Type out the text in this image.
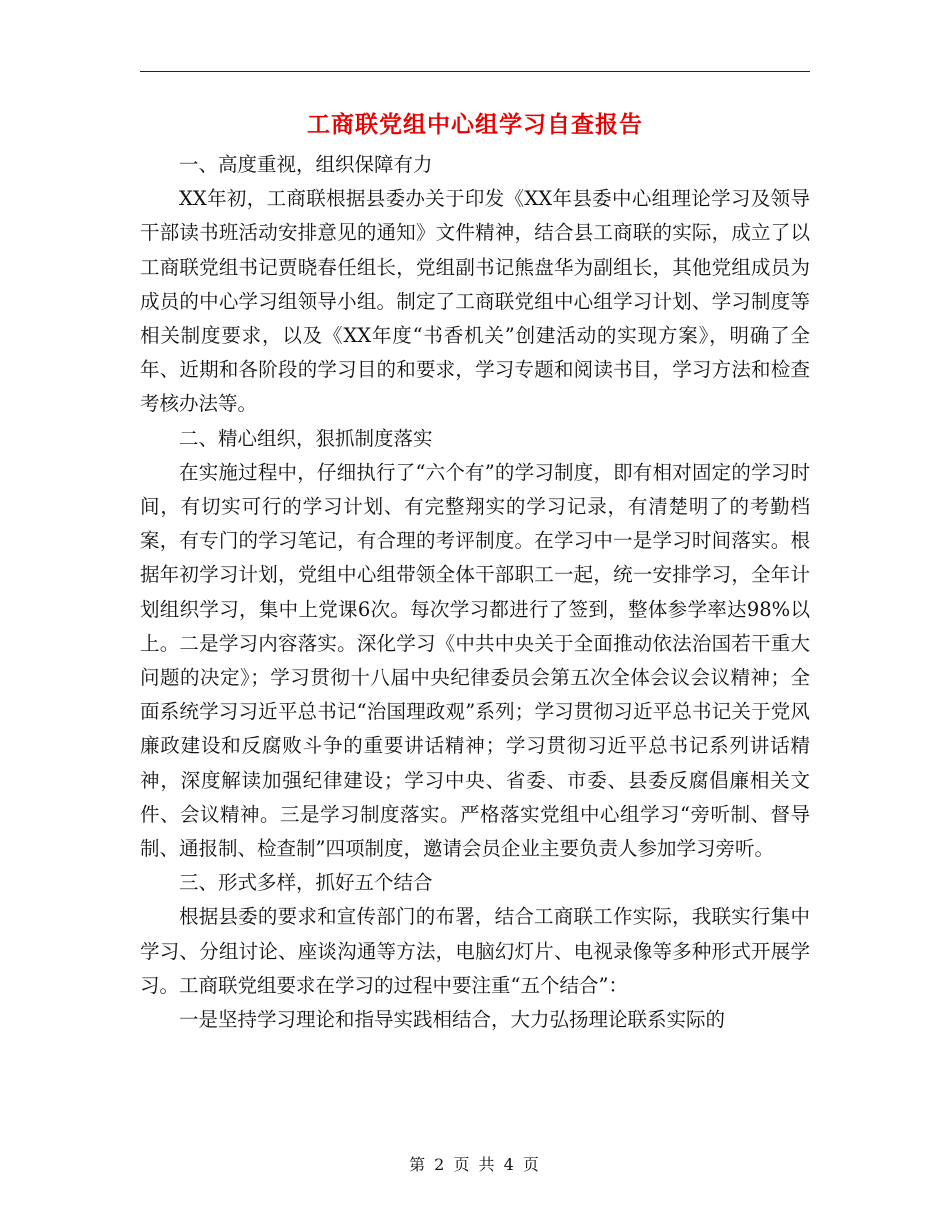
工商联党组中心组学习自查报告

一、高度重视，组织保障有力

XX年初，工商联根据县委办关于印发《XX年县委中心组理论学习及领导干部读书班活动安排意见的通知》文件精神，结合县工商联的实际，成立了以工商联党组书记贾晓春任组长，党组副书记熊盘华为副组长，其他党组成员为成员的中心学习组领导小组。制定了工商联党组中心组学习计划、学习制度等相关制度要求，以及《XX年度“书香机关”创建活动的实现方案》，明确了全年、近期和各阶段的学习目的和要求，学习专题和阅读书目，学习方法和检查考核办法等。

二、精心组织，狠抓制度落实

在实施过程中，仔细执行了“六个有”的学习制度，即有相对固定的学习时间，有切实可行的学习计划、有完整翔实的学习记录，有清楚明了的考勤档案，有专门的学习笔记，有合理的考评制度。在学习中一是学习时间落实。根据年初学习计划，党组中心组带领全体干部职工一起，统一安排学习，全年计划组织学习，集中上党课6次。每次学习都进行了签到，整体参学率达98%以上。二是学习内容落实。深化学习《中共中央关于全面推动依法治国若干重大问题的决定》；学习贯彻十八届中央纪律委员会第五次全体会议会议精神；全面系统学习习近平总书记“治国理政观”系列；学习贯彻习近平总书记关于党风廉政建设和反腐败斗争的重要讲话精神；学习贯彻习近平总书记系列讲话精神，深度解读加强纪律建设；学习中央、省委、市委、县委反腐倡廉相关文件、会议精神。三是学习制度落实。严格落实党组中心组学习“旁听制、督导制、通报制、检查制”四项制度，邀请会员企业主要负责人参加学习旁听。

三、形式多样，抓好五个结合

根据县委的要求和宣传部门的布署，结合工商联工作实际，我联实行集中学习、分组讨论、座谈沟通等方法，电脑幻灯片、电视录像等多种形式开展学习。工商联党组要求在学习的过程中要注重“五个结合”：

一是坚持学习理论和指导实践相结合，大力弘扬理论联系实际的

第 2 页 共 4 页
